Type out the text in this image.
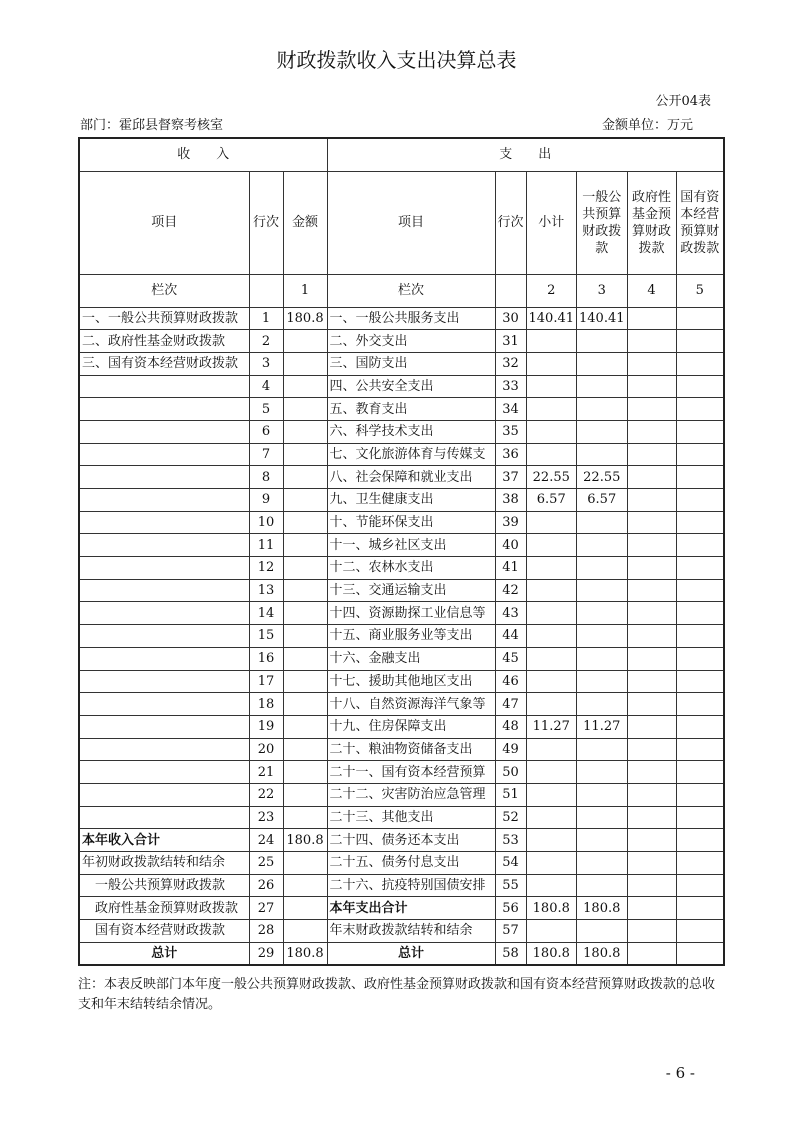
财政拨款收入支出决算总表
公开04表
部门：霍邱县督察考核室	金额单位：万元
收　　入			支　　出					
项目	行次	金额	项目	行次	小计	一般公共预算财政拨款	政府性基金预算财政拨款	国有资本经营预算财政拨款
栏次		1	栏次		2	3	4	5
一、一般公共预算财政拨款	1	180.8	一、一般公共服务支出	30	140.41	140.41		
二、政府性基金财政拨款	2		二、外交支出	31				
三、国有资本经营财政拨款	3		三、国防支出	32				
	4		四、公共安全支出	33				
	5		五、教育支出	34				
	6		六、科学技术支出	35				
	7		七、文化旅游体育与传媒支	36				
	8		八、社会保障和就业支出	37	22.55	22.55		
	9		九、卫生健康支出	38	6.57	6.57		
	10		十、节能环保支出	39				
	11		十一、城乡社区支出	40				
	12		十二、农林水支出	41				
	13		十三、交通运输支出	42				
	14		十四、资源勘探工业信息等	43				
	15		十五、商业服务业等支出	44				
	16		十六、金融支出	45				
	17		十七、援助其他地区支出	46				
	18		十八、自然资源海洋气象等	47				
	19		十九、住房保障支出	48	11.27	11.27		
	20		二十、粮油物资储备支出	49				
	21		二十一、国有资本经营预算	50				
	22		二十二、灾害防治应急管理	51				
	23		二十三、其他支出	52				
本年收入合计	24	180.8	二十四、债务还本支出	53				
年初财政拨款结转和结余	25		二十五、债务付息支出	54				
　一般公共预算财政拨款	26		二十六、抗疫特别国债安排	55				
　政府性基金预算财政拨款	27		本年支出合计	56	180.8	180.8		
　国有资本经营财政拨款	28		年末财政拨款结转和结余	57				
总计	29	180.8	总计	58	180.8	180.8		
注：本表反映部门本年度一般公共预算财政拨款、政府性基金预算财政拨款和国有资本经营预算财政拨款的总收支和年末结转结余情况。
- 6 -
